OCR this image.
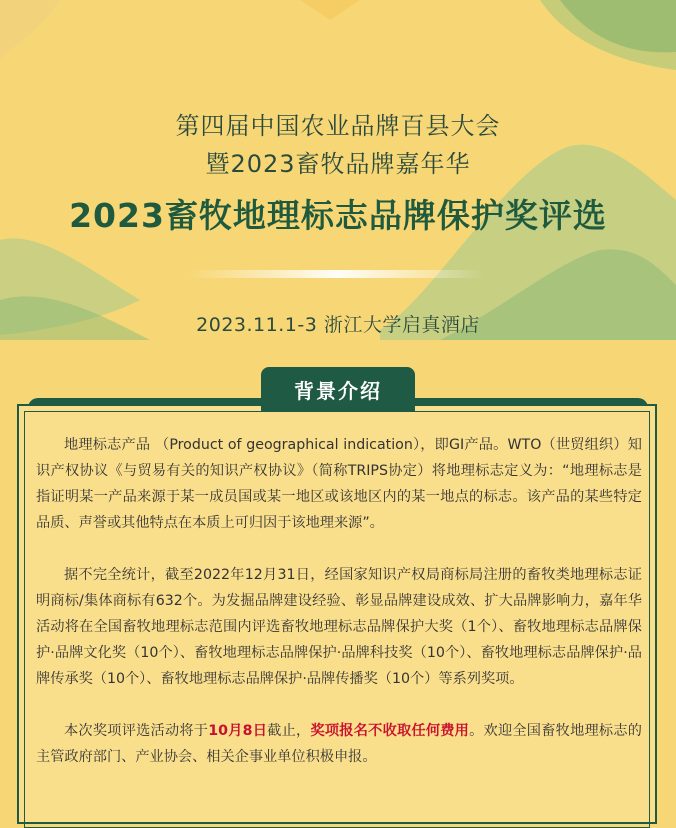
第四届中国农业品牌百县大会
暨2023畜牧品牌嘉年华
2023畜牧地理标志品牌保护奖评选
2023.11.1-3 浙江大学启真酒店
背景介绍

地理标志产品 （Product of geographical indication），即GI产品。WTO（世贸组织）知识产权协议《与贸易有关的知识产权协议》（简称TRIPS协定）将地理标志定义为：“地理标志是指证明某一产品来源于某一成员国或某一地区或该地区内的某一地点的标志。该产品的某些特定品质、声誉或其他特点在本质上可归因于该地理来源”。

据不完全统计，截至2022年12月31日，经国家知识产权局商标局注册的畜牧类地理标志证明商标/集体商标有632个。为发掘品牌建设经验、彰显品牌建设成效、扩大品牌影响力，嘉年华活动将在全国畜牧地理标志范围内评选畜牧地理标志品牌保护大奖（1个）、畜牧地理标志品牌保护·品牌文化奖（10个）、畜牧地理标志品牌保护·品牌科技奖（10个）、畜牧地理标志品牌保护·品牌传承奖（10个）、畜牧地理标志品牌保护·品牌传播奖（10个）等系列奖项。

本次奖项评选活动将于10月8日截止，奖项报名不收取任何费用。欢迎全国畜牧地理标志的主管政府部门、产业协会、相关企事业单位积极申报。
